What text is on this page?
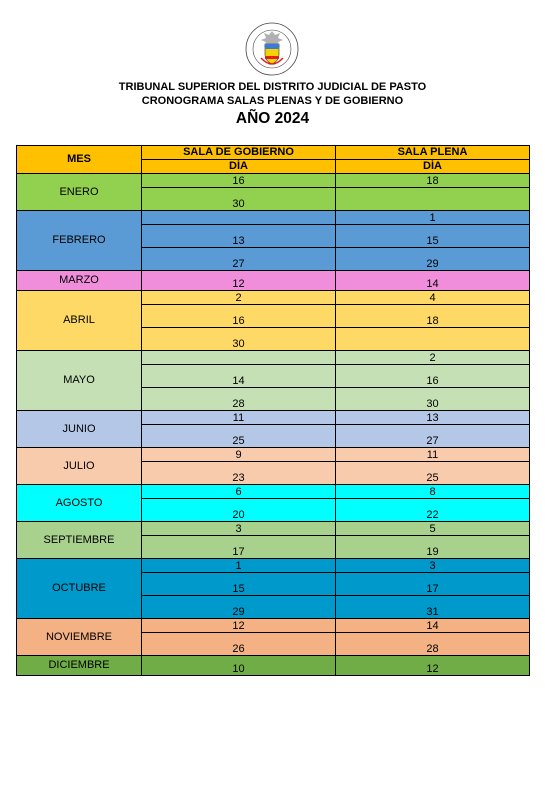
TRIBUNAL SUPERIOR DEL DISTRITO JUDICIAL DE PASTO
CRONOGRAMA SALAS PLENAS Y DE GOBIERNO
AÑO 2024
MES	SALA DE GOBIERNO	SALA PLENA
	DÍA	DÍA
ENERO	16	18
	30	
FEBRERO		1
	13	15
	27	29
MARZO	12	14
ABRIL	2	4
	16	18
	30	
MAYO		2
	14	16
	28	30
JUNIO	11	13
	25	27
JULIO	9	11
	23	25
AGOSTO	6	8
	20	22
SEPTIEMBRE	3	5
	17	19
OCTUBRE	1	3
	15	17
	29	31
NOVIEMBRE	12	14
	26	28
DICIEMBRE	10	12
